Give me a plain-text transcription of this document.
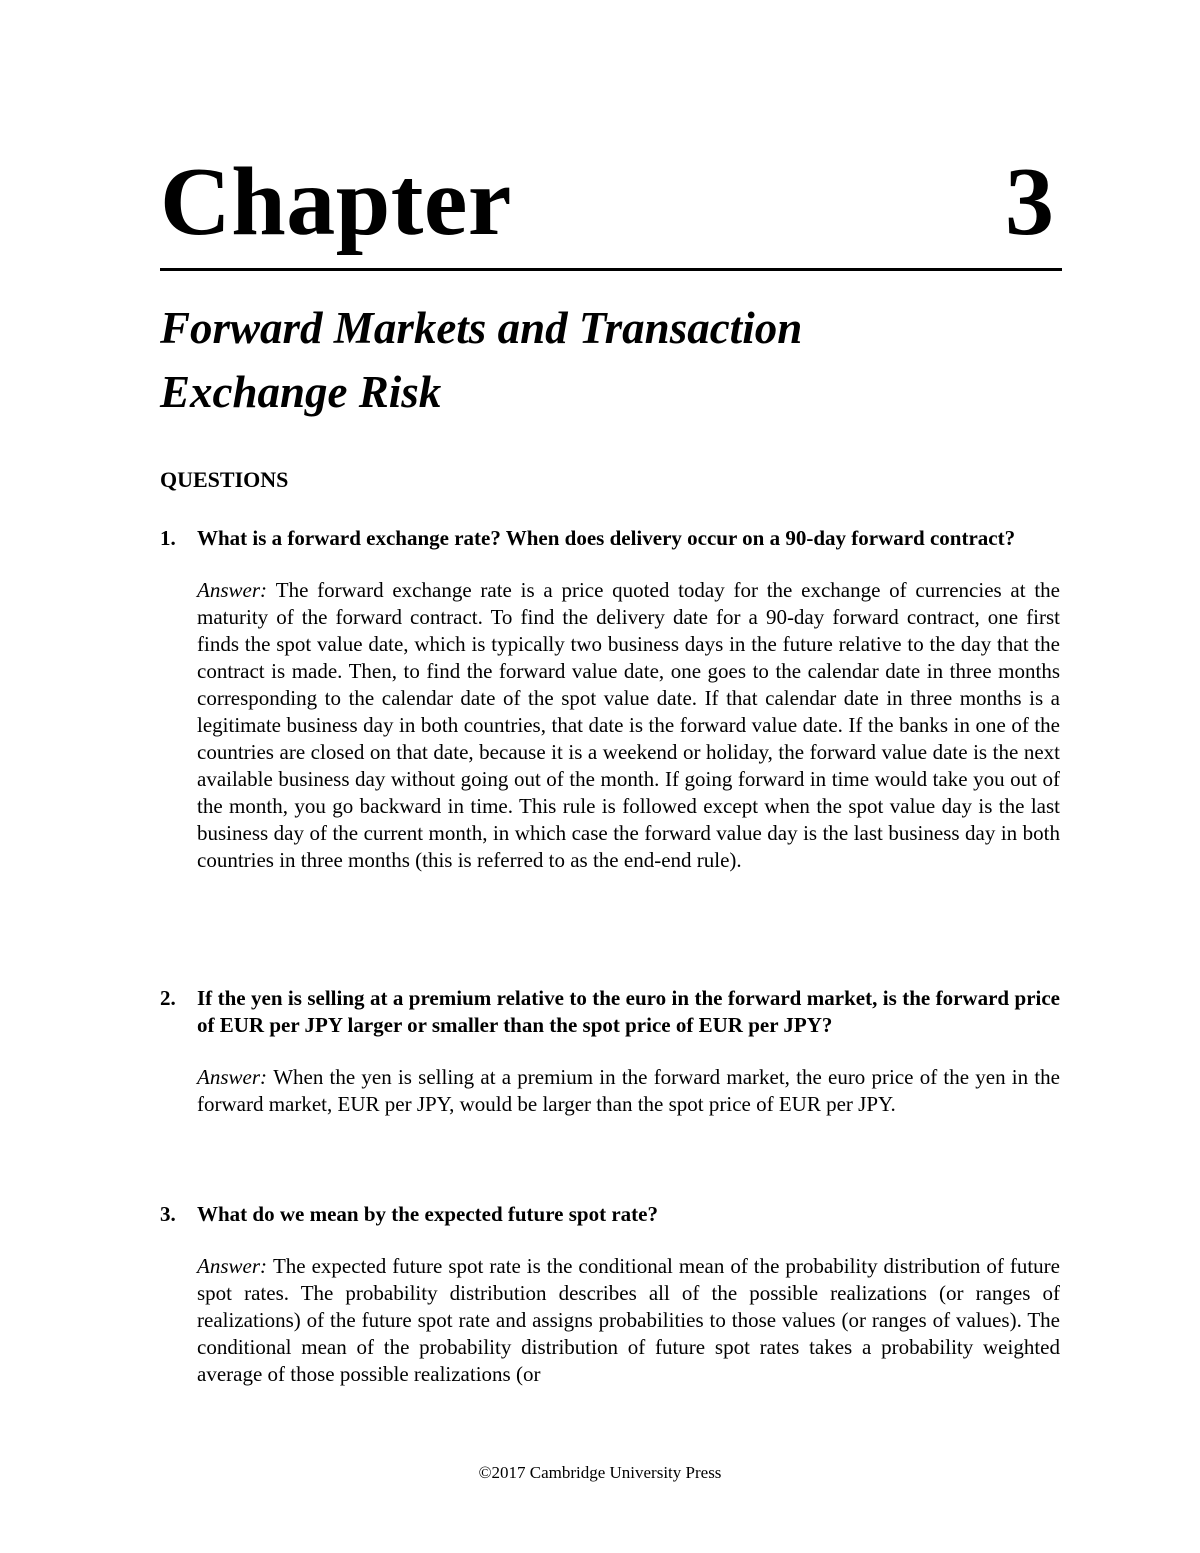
Chapter	3
Forward Markets and Transaction
Exchange Risk
QUESTIONS
1. What is a forward exchange rate? When does delivery occur on a 90-day forward contract?
Answer: The forward exchange rate is a price quoted today for the exchange of currencies at the maturity of the forward contract. To find the delivery date for a 90-day forward contract, one first finds the spot value date, which is typically two business days in the future relative to the day that the contract is made. Then, to find the forward value date, one goes to the calendar date in three months corresponding to the calendar date of the spot value date. If that calendar date in three months is a legitimate business day in both countries, that date is the forward value date. If the banks in one of the countries are closed on that date, because it is a weekend or holiday, the forward value date is the next available business day without going out of the month. If going forward in time would take you out of the month, you go backward in time. This rule is followed except when the spot value day is the last business day of the current month, in which case the forward value day is the last business day in both countries in three months (this is referred to as the end-end rule).
2. If the yen is selling at a premium relative to the euro in the forward market, is the forward price of EUR per JPY larger or smaller than the spot price of EUR per JPY?
Answer: When the yen is selling at a premium in the forward market, the euro price of the yen in the forward market, EUR per JPY, would be larger than the spot price of EUR per JPY.
3. What do we mean by the expected future spot rate?
Answer: The expected future spot rate is the conditional mean of the probability distribution of future spot rates. The probability distribution describes all of the possible realizations (or ranges of realizations) of the future spot rate and assigns probabilities to those values (or ranges of values). The conditional mean of the probability distribution of future spot rates takes a probability weighted average of those possible realizations (or
©2017 Cambridge University Press
